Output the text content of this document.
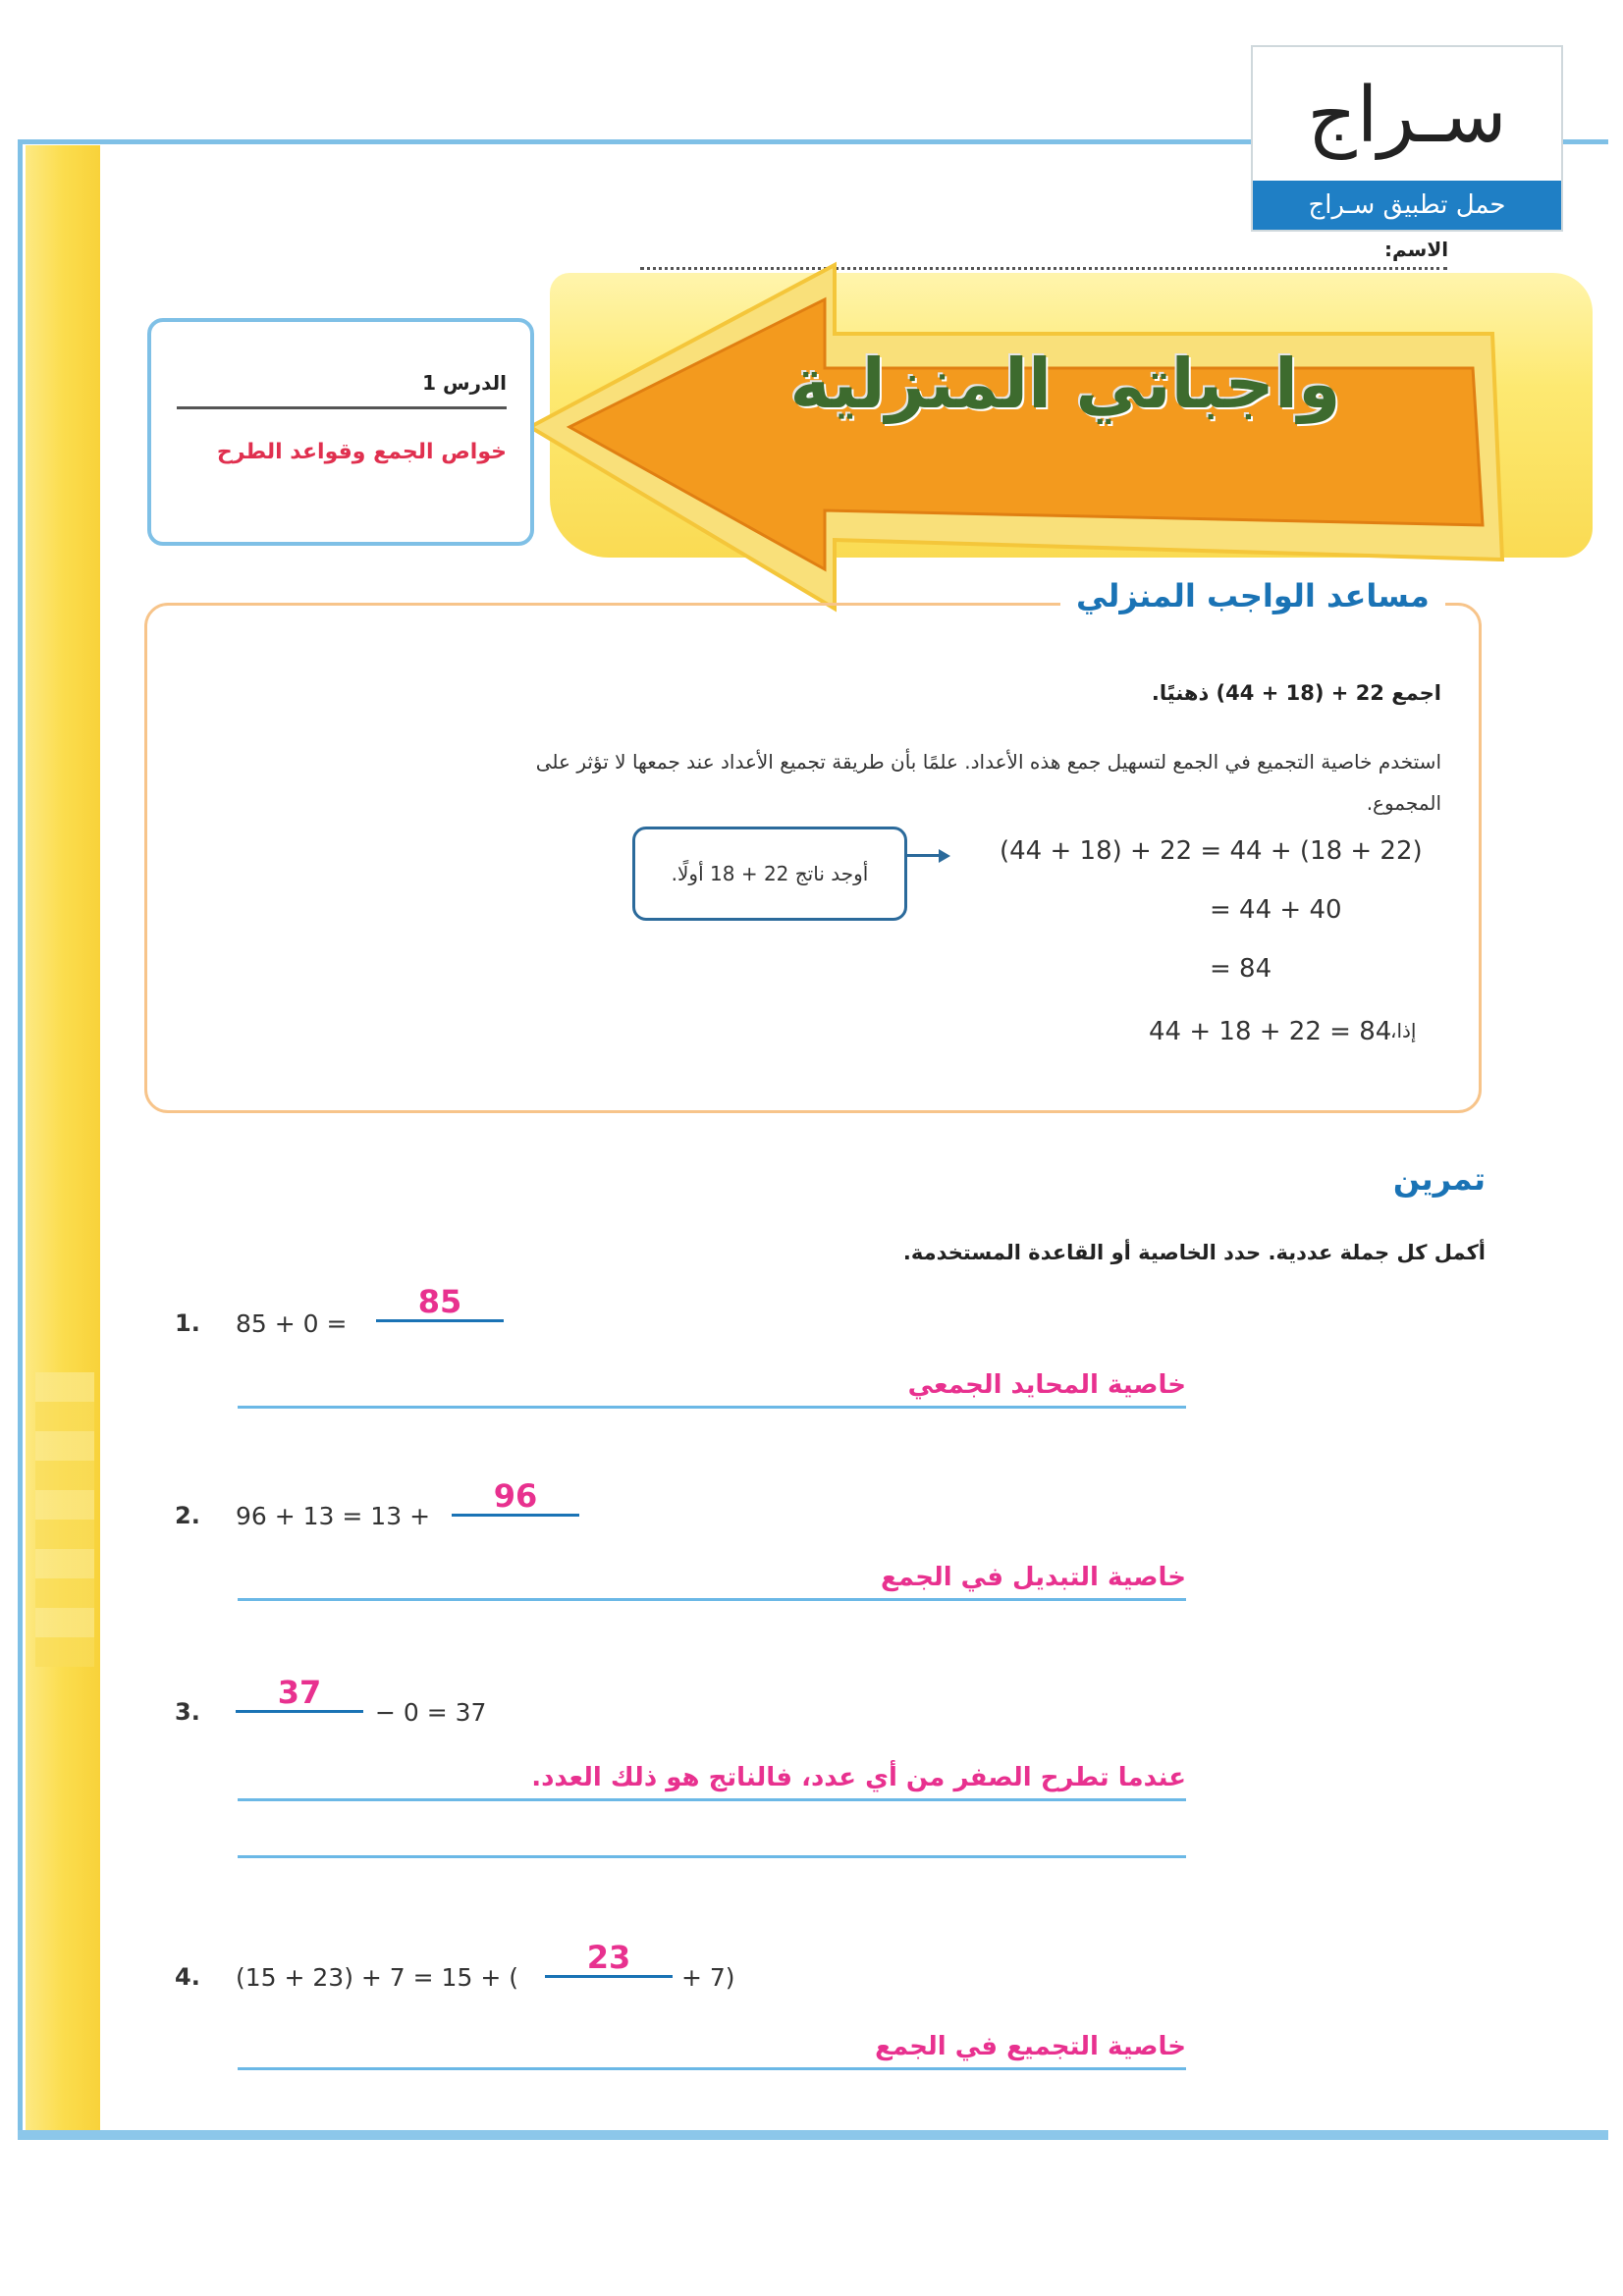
سـراج
حمل تطبيق سـراج
الاسم:
واجباتي المنزلية
الدرس 1
خواص الجمع وقواعد الطرح
مساعد الواجب المنزلي
اجمع 22 + (18 + 44) ذهنيًا.
استخدم خاصية التجميع في الجمع لتسهيل جمع هذه الأعداد. علمًا بأن طريقة تجميع الأعداد عند جمعها لا تؤثر على المجموع.
أوجد ناتج 22 + 18 أولًا.
(44 + 18) + 22 = 44 + (18 + 22)
= 44 + 40
= 84
44 + 18 + 22 = 84
إذا،
تمرين
أكمل كل جملة عددية. حدد الخاصية أو القاعدة المستخدمة.
1. 85 + 0 =
85
خاصية المحايد الجمعي
2. 96 + 13 = 13 +
96
خاصية التبديل في الجمع
3.
37
− 0 = 37
عندما تطرح الصفر من أي عدد، فالناتج هو ذلك العدد.
4. (15 + 23) + 7 = 15 + (
23
+ 7)
خاصية التجميع في الجمع
